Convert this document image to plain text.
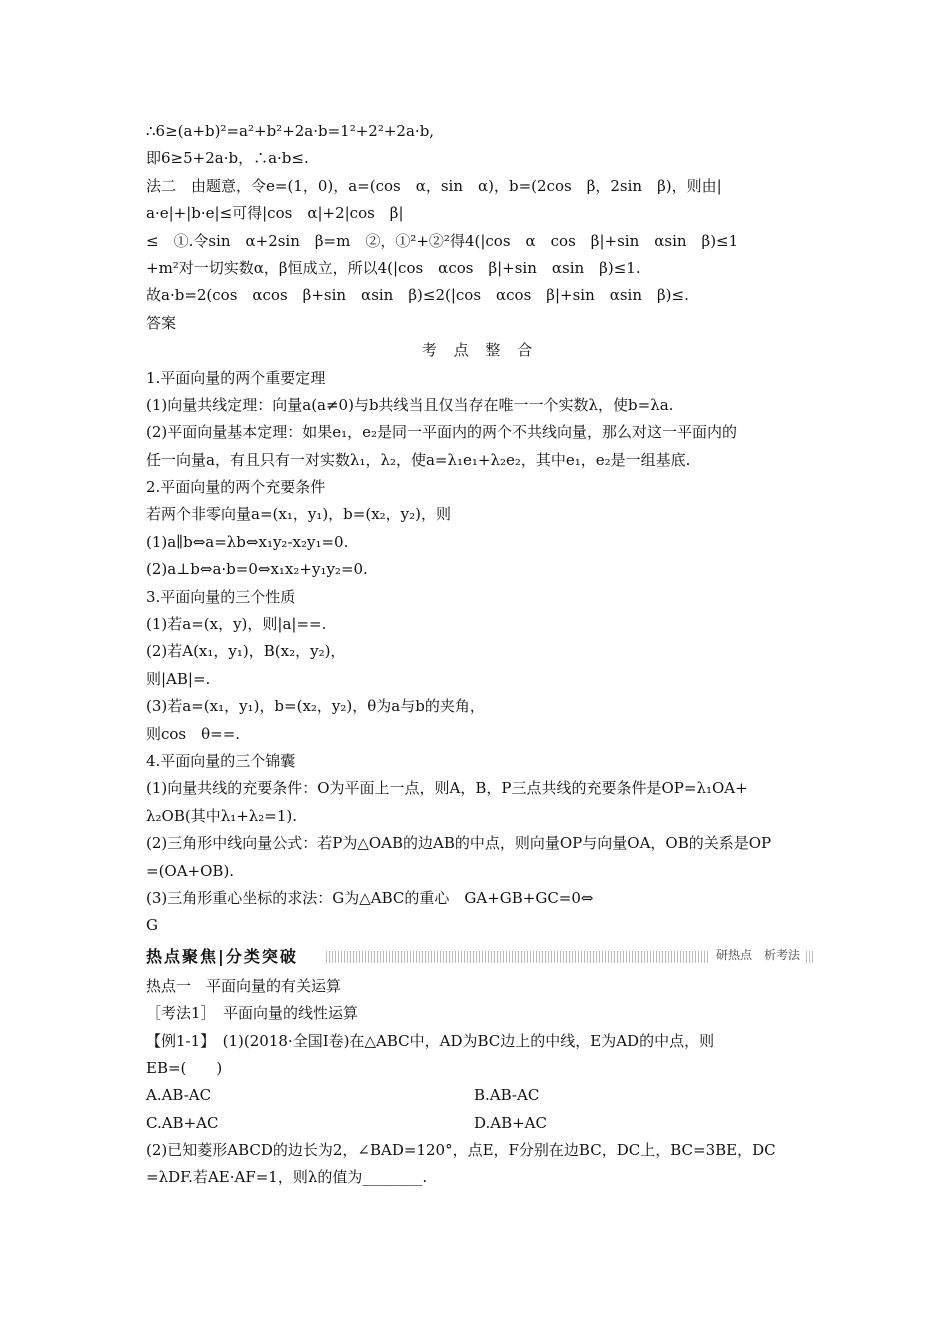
∴6≥(a+b)²=a²+b²+2a·b=1²+2²+2a·b,
即6≥5+2a·b，∴a·b≤.
法二　由题意，令e=(1，0)，a=(cos　α，sin　α)，b=(2cos　β，2sin　β)，则由|
a·e|+|b·e|≤可得|cos　α|+2|cos　β|
≤　①.令sin　α+2sin　β=m　②，①²+②²得4(|cos　α　cos　β|+sin　αsin　β)≤1
+m²对一切实数α，β恒成立，所以4(|cos　αcos　β|+sin　αsin　β)≤1.
故a·b=2(cos　αcos　β+sin　αsin　β)≤2(|cos　αcos　β|+sin　αsin　β)≤.
答案
考 点 整 合
1.平面向量的两个重要定理
(1)向量共线定理：向量a(a≠0)与b共线当且仅当存在唯一一个实数λ，使b=λa.
(2)平面向量基本定理：如果e₁，e₂是同一平面内的两个不共线向量，那么对这一平面内的
任一向量a，有且只有一对实数λ₁，λ₂，使a=λ₁e₁+λ₂e₂，其中e₁，e₂是一组基底.
2.平面向量的两个充要条件
若两个非零向量a=(x₁，y₁)，b=(x₂，y₂)，则
(1)a∥b⇔a=λb⇔x₁y₂-x₂y₁=0.
(2)a⊥b⇔a·b=0⇔x₁x₂+y₁y₂=0.
3.平面向量的三个性质
(1)若a=(x，y)，则|a|==.
(2)若A(x₁，y₁)，B(x₂，y₂)，
则|AB|=.
(3)若a=(x₁，y₁)，b=(x₂，y₂)，θ为a与b的夹角，
则cos　θ==.
4.平面向量的三个锦囊
(1)向量共线的充要条件：O为平面上一点，则A，B，P三点共线的充要条件是OP=λ₁OA+
λ₂OB(其中λ₁+λ₂=1).
(2)三角形中线向量公式：若P为△OAB的边AB的中点，则向量OP与向量OA，OB的关系是OP
=(OA+OB).
(3)三角形重心坐标的求法：G为△ABC的重心　GA+GB+GC=0⇔
G
热点聚焦|分类突破	研热点　析考法
热点一　平面向量的有关运算
［考法1］　平面向量的线性运算
【例1-1】　(1)(2018·全国Ⅰ卷)在△ABC中，AD为BC边上的中线，E为AD的中点，则
EB=(　　)
A.AB-AC	B.AB-AC
C.AB+AC	D.AB+AC
(2)已知菱形ABCD的边长为2，∠BAD=120°，点E，F分别在边BC，DC上，BC=3BE，DC
=λDF.若AE·AF=1，则λ的值为________.
